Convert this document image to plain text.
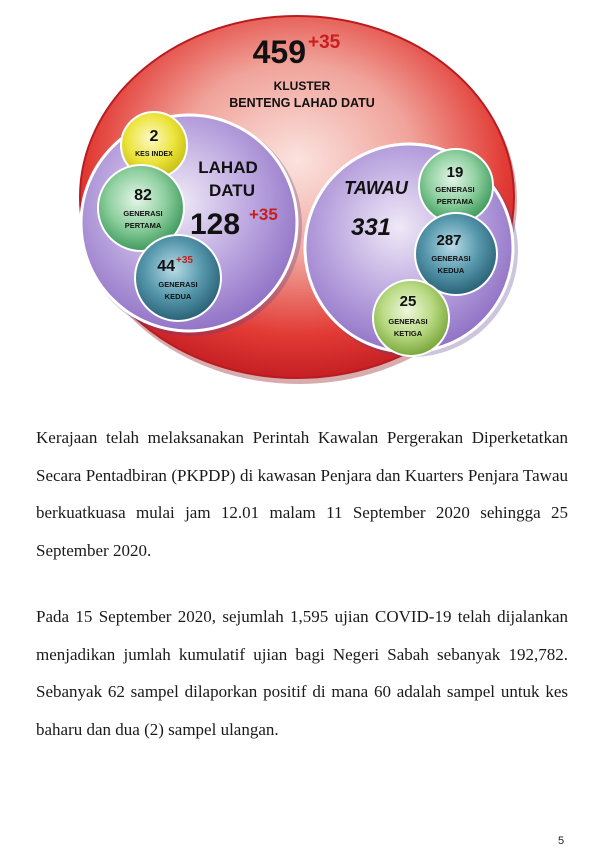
459 +35
KLUSTER
BENTENG LAHAD DATU
LAHAD
DATU
128 +35
2
KES INDEX
82
GENERASI
PERTAMA
44 +35
GENERASI
KEDUA
TAWAU
331
19
GENERASI
PERTAMA
287
GENERASI
KEDUA
25
GENERASI
KETIGA

Kerajaan telah melaksanakan Perintah Kawalan Pergerakan Diperketatkan Secara Pentadbiran (PKPDP) di kawasan Penjara dan Kuarters Penjara Tawau berkuatkuasa mulai jam 12.01 malam 11 September 2020 sehingga 25 September 2020.

Pada 15 September 2020, sejumlah 1,595 ujian COVID-19 telah dijalankan menjadikan jumlah kumulatif ujian bagi Negeri Sabah sebanyak 192,782. Sebanyak 62 sampel dilaporkan positif di mana 60 adalah sampel untuk kes baharu dan dua (2) sampel ulangan.

5
